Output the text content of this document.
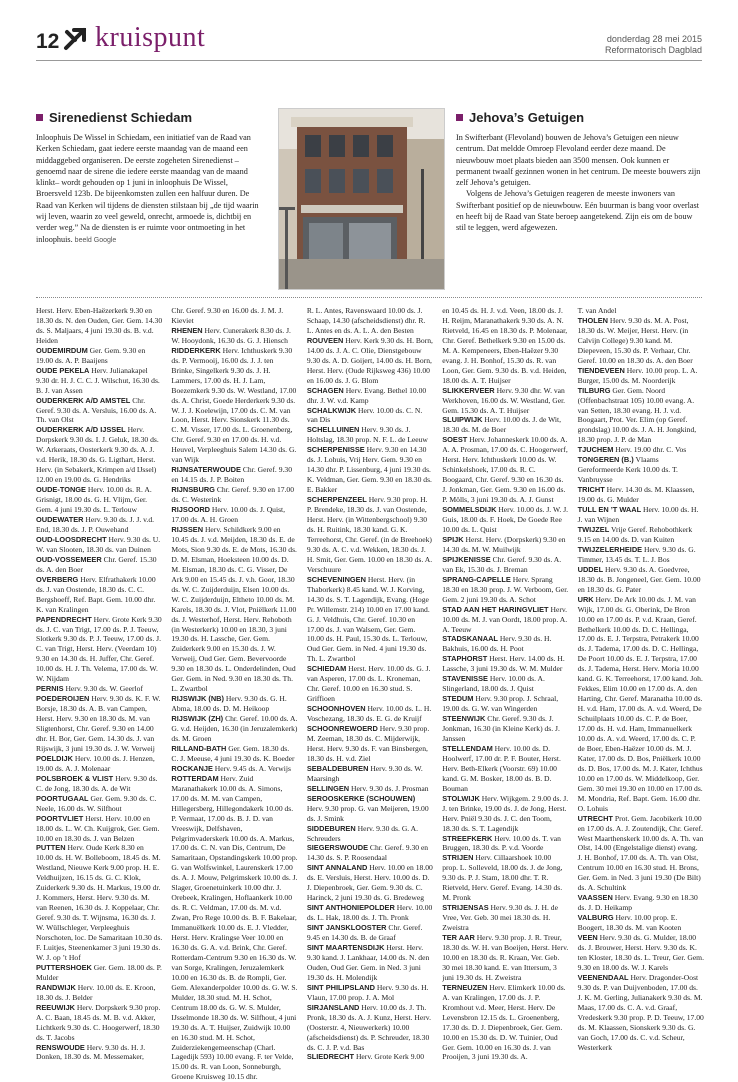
12 kruispunt	donderdag 28 mei 2015
Reformatorisch Dagblad
Sirenedienst Schiedam
Inloophuis De Wissel in Schiedam, een initiatief van de Raad van Kerken Schiedam, gaat iedere eerste maandag van de maand een middaggebed organiseren. De eerste zogeheten Sirenedienst –genoemd naar de sirene die iedere eerste maandag van de maand klinkt– wordt gehouden op 1 juni in inloophuis De Wissel, Broersveld 123b. De bijeenkomsten zullen een halfuur duren. De Raad van Kerken wil tijdens de diensten stilstaan bij „de tijd waarin wij leven, waarin zo veel geweld, onrecht, armoede is, dichtbij en verder weg.” Na de diensten is er ruimte voor ontmoeting in het inloophuis. beeld Google
Jehova’s Getuigen

In Swifterbant (Flevoland) bouwen de Jehova’s Getuigen een nieuw centrum. Dat meldde Omroep Flevoland eerder deze maand. De nieuwbouw moet plaats bieden aan 3500 mensen. Ook kunnen er permanent twaalf gezinnen wonen in het centrum. De meeste bouwers zijn zelf Jehova’s getuigen.

Volgens de Jehova’s Getuigen reageren de meeste inwoners van Swifterbant positief op de nieuwbouw. Eén buurman is bang voor overlast en heeft bij de Raad van State beroep aangetekend. Zijn eis om de bouw stil te leggen, werd afgewezen.

Herst. Herv. Eben-Haëzerkerk 9.30 en 18.30 ds. N. den Ouden, Ger. Gem. 14.30 ds. S. Maljaars, 4 juni 19.30 ds. B. v.d. Heiden

OUDEMIRDUM Ger. Gem. 9.30 en 19.00 ds. A. P. Baaijens

OUDE PEKELA Herv. Julianakapel 9.30 dr. H. J. C. C. J. Wilschut, 16.30 ds. B. J. van Assen

OUDERKERK A/D AMSTEL Chr. Geref. 9.30 ds. A. Versluis, 16.00 ds. A. Th. van Olst

OUDERKERK A/D IJSSEL Herv. Dorpskerk 9.30 ds. I. J. Geluk, 18.30 ds. W. Arkeraats, Oosterkerk 9.30 ds. A. J. v.d. Herik, 18.30 ds. G. Ligthart, Herst. Herv. (in Sebakerk, Krimpen a/d IJssel) 12.00 en 19.00 ds. G. Hendriks

OUDE-TONGE Herv. 10.00 ds. R. A. Grisnigt, 18.00 ds. G. H. Vlijm, Ger. Gem. 4 juni 19.30 ds. L. Terlouw

OUDEWATER Herv. 9.30 ds. J. J. v.d. End, 18.30 ds. J. P. Ouwehand

OUD-LOOSDRECHT Herv. 9.30 ds. U. W. van Slooten, 18.30 ds. van Duinen

OUD-VOSSEMEER Chr. Geref. 15.30 ds. A. den Boer

OVERBERG Herv. Elfrathakerk 10.00 ds. J. van Oostende, 18.30 ds. C. C. Bergshoeff, Ref. Bapt. Gem. 10.00 dhr. K. van Kralingen

PAPENDRECHT Herv. Grote Kerk 9.30 ds. J. C. van Trigt, 17.00 ds. P. J. Teeuw, Slotkerk 9.30 ds. P. J. Teeuw, 17.00 ds. J. C. van Trigt, Herst. Herv. (Veerdam 10) 9.30 en 14.30 ds. H. Juffer, Chr. Geref. 10.00 ds. H. J. Th. Velema, 17.00 ds. W. W. Nijdam

PERNIS Herv. 9.30 ds. W. Geerlof

POEDEROIJEN Herv. 9.30 ds. K. F. W. Borsje, 18.30 ds. A. B. van Campen, Herst. Herv. 9.30 en 18.30 ds. M. van Sligtenhorst, Chr. Geref. 9.30 en 14.00 dhr. H. Bor, Ger. Gem. 14.30 ds. J. van Rijswijk, 3 juni 19.30 ds. J. W. Verweij

POELDIJK Herv. 10.00 ds. J. Henzen, 19.00 ds. A. J. Molenaar

POLSBROEK & VLIST Herv. 9.30 ds. C. de Jong, 18.30 ds. A. de Wit

POORTUGAAL Ger. Gem. 9.30 ds. C. Neele, 16.00 ds. W. Silfhout

POORTVLIET Herst. Herv. 10.00 en 18.00 ds. L. W. Ch. Kuijgrok, Ger. Gem. 10.00 en 18.30 ds. J. van Belzen

PUTTEN Herv. Oude Kerk 8.30 en 10.00 ds. H. W. Bolleboom, 18.45 ds. M. Westland, Nieuwe Kerk 9.00 prop. H. E. Veldhuijzen, 16.15 ds. G. C. Klok, Zuiderkerk 9.30 ds. H. Markus, 19.00 dr. J. Kommers, Herst. Herv. 9.30 ds. M. van Reenen, 16.30 ds. J. Koppelaar, Chr. Geref. 9.30 ds. T. Wijnsma, 16.30 ds. J. W. Wüllschleger, Verpleeghuis Norschoten, loc. De Samaritaan 10.30 ds. F. Luitjes, Steenenkamer 3 juni 19.30 ds. W. J. op ’t Hof

PUTTERSHOEK Ger. Gem. 18.00 ds. P. Mulder

RANDWIJK Herv. 10.00 ds. E. Kroon, 18.30 ds. J. Belder

REEUWIJK Herv. Dorpskerk 9.30 prop. A. C. Baan, 18.45 ds. M. B. v.d. Akker, Lichtkerk 9.30 ds. C. Hoogerwerf, 18.30 ds. T. Jacobs

RENSWOUDE Herv. 9.30 ds. H. J. Donken, 18.30 ds. M. Messemaker,

Chr. Geref. 9.30 en 16.00 ds. J. M. J. Kieviet

RHENEN Herv. Cunerakerk 8.30 ds. J. W. Hooydonk, 16.30 ds. G. J. Hiensch

RIDDERKERK Herv. Ichthuskerk 9.30 ds. P. Vermooij, 16.00 ds. J. J. ten Brinke, Singelkerk 9.30 ds. J. H. Lammers, 17.00 ds. H. J. Lam, Boezemkerk 9.30 ds. W. Westland, 17.00 ds. A. Christ, Goede Herderkerk 9.30 ds. W. J. J. Koelewijn, 17.00 ds. C. M. van Loon, Herst. Herv. Sionskerk 11.30 ds. C. M. Visser, 17.00 ds. L. Groenenberg, Chr. Geref. 9.30 en 17.00 ds. H. v.d. Heuvel, Verpleeghuis Salem 14.30 ds. G. van Wijk

RIJNSATERWOUDE Chr. Geref. 9.30 en 14.15 ds. J. P. Boiten

RIJNSBURG Chr. Geref. 9.30 en 17.00 ds. C. Westerink

RIJSOORD Herv. 10.00 ds. J. Quist, 17.00 ds. A. H. Groen

RIJSSEN Herv. Schildkerk 9.00 en 10.45 ds. J. v.d. Meijden, 18.30 ds. E. de Mots, Sion 9.30 ds. E. de Mots, 16.30 ds. D. M. Elsman, Hoeksteen 10.00 ds. D. M. Elsman, 18.30 ds. C. G. Visser, De Ark 9.00 en 15.45 ds. J. v.h. Goor, 18.30 ds. W. C. Zuijderduijn, Elsen 10.00 ds. W. C. Zuijderduijn, Eltheto 10.00 ds. M. Karels, 18.30 ds. J. Vlot, Pniëlkerk 11.00 ds. J. Westerhof, Herst. Herv. Rehoboth (in Westerkerk) 10.00 en 18.30, 3 juni 19.30 ds. H. Lassche, Ger. Gem. Zuiderkerk 9.00 en 15.30 ds. J. W. Verweij, Oud Ger. Gem. Bevervoorde 9.30 en 18.30 ds. L. Onderdelinden, Oud Ger. Gem. in Ned. 9.30 en 18.30 ds. Th. L. Zwartbol

RIJSWIJK (NB) Herv. 9.30 ds. G. H. Abma, 18.00 ds. D. M. Heikoop

RIJSWIJK (ZH) Chr. Geref. 10.00 ds. A. G. v.d. Heijden, 16.30 (in Jeruzalemkerk) ds. M. Groen

RILLAND-BATH Ger. Gem. 18.30 ds. C. J. Meeuse, 4 juni 19.30 ds. K. Boeder

ROCKANJE Herv. 9.45 ds. A. Verwijs

ROTTERDAM Herv. Zuid Maranathakerk 10.00 ds. A. Simons, 17.00 ds. M. M. van Campen, Hillegersberg, Hillegondakerk 10.00 ds. P. Vermaat, 17.00 ds. B. J. D. van Vreeswijk, Delfshaven, Pelgrimvaderskerk 10.00 ds. A. Markus, 17.00 ds. C. N. van Dis, Centrum, De Samaritaan, Opstandingskerk 10.00 prop. G. van Wolfswinkel, Laurenskerk 17.00 ds. A. J. Mouw, Pelgrimskerk 10.00 ds. J. Slager, Groenetuinkerk 10.00 dhr. J. Orebeek, Kralingen, Hoflaankerk 10.00 ds. R. C. Veldman, 17.00 ds. M. v.d. Zwan, Pro Rege 10.00 ds. B. F. Bakelaar, Immanuëlkerk 10.00 ds. E. J. Vledder, Herst. Herv. Kralingse Veer 10.00 en 16.30 ds. G. A. v.d. Brink, Chr. Geref. Rotterdam-Centrum 9.30 en 16.30 ds. W. van Sorge, Kralingen, Jeruzalemkerk 10.00 en 16.30 ds. B. de Rompli, Ger. Gem. Alexanderpolder 10.00 ds. G. W. S. Mulder, 18.30 stud. M. H. Schot, Centrum 18.00 ds. G. W. S. Mulder, IJsselmonde 18.30 ds. W. Silfhout, 4 juni 19.30 ds. A. T. Huijser, Zuidwijk 10.00 en 16.30 stud. M. H. Schot, Zuiderziekengemeenschap (Charl. Lagedijk 593) 10.00 evang. F. ter Velde, 15.00 ds. R. van Loon, Sonneburgh, Groene Kruisweg 10.15 dhr.

R. L. Antes, Ravenswaard 10.00 ds. J. Schaap, 14.30 (afscheidsdienst) dhr. R. L. Antes en ds. A. L. A. den Besten

ROUVEEN Herv. Kerk 9.30 ds. H. Born, 14.00 ds. J. A. C. Olie, Dienstgebouw 9.30 ds. A. D. Goijert, 14.00 ds. H. Born, Herst. Herv. (Oude Rijksweg 436) 10.00 en 16.00 ds. J. G. Blom

SCHAGEN Herv. Evang. Bethel 10.00 dhr. J. W. v.d. Kamp

SCHALKWIJK Herv. 10.00 ds. C. N. van Dis

SCHELLUINEN Herv. 9.30 ds. J. Holtslag, 18.30 prop. N. F. L. de Leeuw

SCHERPENISSE Herv. 9.30 en 14.30 ds. J. Lohuis, Vrij Herv. Gem. 9.30 en 14.30 dhr. P. Lissenburg, 4 juni 19.30 ds. K. Veldman, Ger. Gem. 9.30 en 18.30 ds. E. Bakker

SCHERPENZEEL Herv. 9.30 prop. H. P. Brendeke, 18.30 ds. J. van Oostende, Herst. Herv. (in Wittenbergschool) 9.30 ds. H. Ruitink, 18.30 kand. G. K. Terreehorst, Chr. Geref. (in de Breehoek) 9.30 ds. A. C. v.d. Wekken, 18.30 ds. J. H. Smit, Ger. Gem. 10.00 en 18.30 ds. A. Verschuure

SCHEVENINGEN Herst. Herv. (in Thaborkerk) 8.45 kand. W. J. Korving, 14.30 ds. S. T. Lagendijk, Evang. (Hoge Pr. Willemstr. 214) 10.00 en 17.00 kand. G. J. Veldhuis, Chr. Geref. 10.30 en 17.00 ds. J. van Walsem, Ger. Gem. 10.00 ds. H. Paul, 15.30 ds. L. Terlouw, Oud Ger. Gem. in Ned. 4 juni 19.30 ds. Th. L. Zwartbol

SCHIEDAM Herst. Herv. 10.00 ds. G. J. van Asperen, 17.00 ds. L. Kroneman, Chr. Geref. 10.00 en 16.30 stud. S. Griffioen

SCHOONHOVEN Herv. 10.00 ds. L. H. Voschezang, 18.30 ds. E. G. de Kruijf

SCHOONREWOERD Herv. 9.30 prop. M. Zeeman, 18.30 ds. C. Mijderwijk, Herst. Herv. 9.30 ds. F. van Binsbergen, 18.30 ds. H. v.d. Ziel

SEBALDEBUREN Herv. 9.30 ds. W. Maarsingh

SELLINGEN Herv. 9.30 ds. J. Prosman

SEROOSKERKE (SCHOUWEN) Herv. 9.30 prop. G. van Meijeren, 19.00 ds. J. Smink

SIDDEBUREN Herv. 9.30 ds. G. A. Schreuders

SIEGERSWOUDE Chr. Geref. 9.30 en 14.30 ds. S. P. Roosendaal

SINT ANNALAND Herv. 10.00 en 18.00 ds. E. Versluis, Herst. Herv. 10.00 ds. D. J. Diepenbroek, Ger. Gem. 9.30 ds. C. Harinck, 2 juni 19.30 ds. G. Bredeweg

SINT ANTHONIEPOLDER Herv. 10.00 ds. L. Hak, 18.00 ds. J. Th. Pronk

SINT JANSKLOOSTER Chr. Geref. 9.45 en 14.30 ds. B. de Graaf

SINT MAARTENSDIJK Herst. Herv. 9.30 kand. J. Lankhaar, 14.00 ds. N. den Ouden, Oud Ger. Gem. in Ned. 3 juni 19.30 ds. H. Molendijk

SINT PHILIPSLAND Herv. 9.30 ds. H. Vlaun, 17.00 prop. J. A. Mol

SIRJANSLAND Herv. 10.00 ds. J. Th. Pronk, 18.30 ds. A. J. Kunz, Herst. Herv. (Oosterstr. 4, Nieuwerkerk) 10.00 (afscheidsdienst) ds. P. Schreuder, 18.30 ds. C. J. P. v.d. Bas

SLIEDRECHT Herv. Grote Kerk 9.00

en 10.45 ds. H. J. v.d. Veen, 18.00 ds. J. H. Reijm, Maranathakerk 9.30 ds. A. N. Rietveld, 16.45 en 18.30 ds. P. Molenaar, Chr. Geref. Bethelkerk 9.30 en 15.00 ds. M. A. Kempeneers, Eben-Haëzer 9.30 evang. J. H. Bonhof, 15.30 ds. R. van Loon, Ger. Gem. 9.30 ds. B. v.d. Heiden, 18.00 ds. A. T. Huijser

SLIKKERVEER Herv. 9.30 dhr. W. van Werkhoven, 16.00 ds. W. Westland, Ger. Gem. 15.30 ds. A. T. Huijser

SLUIPWIJK Herv. 10.00 ds. J. de Wit, 18.30 ds. M. de Boer

SOEST Herv. Johanneskerk 10.00 ds. A. A. A. Prosman, 17.00 ds. C. Hoogerwerf, Herst. Herv. Ichthuskerk 10.00 ds. W. Schinkelshoek, 17.00 ds. R. C. Boogaard, Chr. Geref. 9.30 en 16.30 ds. J. Jonkman, Ger. Gem. 9.30 en 16.00 ds. P. Mölls, 3 juni 19.30 ds. A. J. Gunst

SOMMELSDIJK Herv. 10.00 ds. J. W. J. Guis, 18.00 ds. F. Hoek, De Goede Ree 10.00 ds. L. Quist

SPIJK Herst. Herv. (Dorpskerk) 9.30 en 14.30 ds. M. W. Muilwijk

SPIJKENISSE Chr. Geref. 9.30 ds. A. van Ek, 15.30 ds. J. Breman

SPRANG-CAPELLE Herv. Sprang 18.30 en 18.30 prop. J. W. Verboom, Ger. Gem. 2 juni 19.30 ds. A. Schot

STAD AAN HET HARINGVLIET Herv. 10.00 ds. M. J. van Oordt, 18.00 prop. A. A. Teeuw

STADSKANAAL Herv. 9.30 ds. H. Bakhuis, 16.00 ds. H. Poot

STAPHORST Herst. Herv. 14.00 ds. H. Lassche, 3 juni 19.30 ds. W. M. Mulder

STAVENISSE Herv. 10.00 ds. A. Slingerland, 18.00 ds. J. Quist

STEDUM Herv. 9.30 prop. J. Schraal, 19.00 ds. G. W. van Wingerden

STEENWIJK Chr. Geref. 9.30 ds. J. Jonkman, 16.30 (in Kleine Kerk) ds. J. Janssen

STELLENDAM Herv. 10.00 ds. D. Hoolwerf, 17.00 dr. P. F. Bouter, Herst. Herv. Beth-Elkerk (Voorstr. 69) 10.00 kand. G. M. Bosker, 18.00 ds. B. D. Bouman

STOLWIJK Herv. Wijkgem. 2 9.00 ds. J. J. ten Brinke, 19.00 ds. J. de Jong, Herst. Herv. Pniël 9.30 ds. J. C. den Toom, 18.30 ds. S. T. Lagendijk

STREEFKERK Herv. 10.00 ds. T. van Bruggen, 18.30 ds. P. v.d. Voorde

STRIJEN Herv. Cillaarshoek 10.00 prop. L. Solleveld, 18.00 ds. J. de Jong, 9.30 ds. P. J. Stam, 18.00 dhr. T. R. Rietveld, Herv. Geref. Evang. 14.30 ds. M. Pronk

STRIJENSAS Herv. 9.30 ds. J. H. de Vree, Ver. Geb. 30 mei 18.30 ds. H. Zweistra

TER AAR Herv. 9.30 prop. J. R. Treur, 18.30 ds. W. H. van Boeijen, Herst. Herv. 10.00 en 18.30 ds. R. Kraan, Ver. Geb. 30 mei 18.30 kand. E. van Ittersum, 3 juni 19.30 ds. H. Zweistra

TERNEUZEN Herv. Elimkerk 10.00 ds. A. van Kralingen, 17.00 ds. J. P. Kromhout v.d. Meer, Herst. Herv. De Levensbron 12.15 ds. L. Groenenberg, 17.30 ds. D. J. Diepenbroek, Ger. Gem. 10.00 en 15.30 ds. D. W. Tuinier, Oud Ger. Gem. 10.00 en 16.30 ds. J. van Prooijen, 3 juni 19.30 ds. A.

T. van Andel

THOLEN Herv. 9.30 ds. M. A. Post, 18.30 ds. W. Meijer, Herst. Herv. (in Calvijn College) 9.30 kand. M. Diepeveen, 15.30 ds. P. Verhaar, Chr. Geref. 10.00 en 18.30 ds. A. den Boer

TIENDEVEEN Herv. 10.00 prop. L. A. Burger, 15.00 ds. M. Noorderijk

TILBURG Ger. Gem. Noord (Offenbachstraat 105) 10.00 evang. A. van Setten, 18.30 evang. H. J. v.d. Boogaart, Prot. Ver. Elim (op Geref. grondslag) 10.00 ds. J. A. H. Jongkind, 18.30 prop. J. P. de Man

TJUCHEM Herv. 19.00 dhr. C. Vos

TONGEREN (B.) Vlaams Gereformeerde Kerk 10.00 ds. T. Vanbruysse

TRICHT Herv. 14.30 ds. M. Klaassen, 19.00 ds. G. Mulder

TULL EN ’T WAAL Herv. 10.00 ds. H. J. van Wijnen

TWIJZEL Vrije Geref. Rehobothkerk 9.15 en 14.00 ds. D. van Kuiten

TWIJZELERHEIDE Herv. 9.30 ds. G. Timmer, 13.45 ds. T. L. J. Bos

UDDEL Herv. 9.30 ds. A. Goedvree, 18.30 ds. B. Jongeneel, Ger. Gem. 10.00 en 18.30 ds. G. Pater

URK Herv. De Ark 10.00 ds. J. M. van Wijk, 17.00 ds. G. Oberink, De Bron 10.00 en 17.00 ds. P. v.d. Kraan, Geref. Bethelkerk 10.00 ds. D. C. Hellinga, 17.00 ds. E. J. Terpstra, Petrakerk 10.00 ds. J. Tadema, 17.00 ds. D. C. Hellinga, De Poort 10.00 ds. E. J. Terpstra, 17.00 ds. J. Tadema, Herst. Herv. Moria 10.00 kand. G. K. Terreehorst, 17.00 kand. Joh. Fekkes, Elim 10.00 en 17.00 ds. A. den Harting, Chr. Geref. Maranatha 10.00 ds. H. v.d. Ham, 17.00 ds. A. v.d. Weerd, De Schuilplaats 10.00 ds. C. P. de Boer, 17.00 ds. H. v.d. Ham, Immanuelkerk 10.00 ds. A. v.d. Weerd, 17.00 ds. C. P. de Boer, Eben-Haëzer 10.00 ds. M. J. Kater, 17.00 ds. D. Bos, Pniëlkerk 10.00 ds. D. Bos, 17.00 ds. M. J. Kater, Ichthus 10.00 en 17.00 ds. W. Middelkoop, Ger. Gem. 30 mei 19.30 en 10.00 en 17.00 ds. M. Mondria, Ref. Bapt. Gem. 16.00 dhr. O. Lohuis

UTRECHT Prot. Gem. Jacobikerk 10.00 en 17.00 ds. A. J. Zoutendijk, Chr. Geref. West Maarthenskerk 10.00 ds. A. Th. van Olst, 14.00 (Engelstalige dienst) evang. J. H. Bonhof, 17.00 ds. A. Th. van Olst, Centrum 10.00 en 16.30 stud. H. Brons, Ger. Gem. in Ned. 3 juni 19.30 (De Bilt) ds. A. Schultink

VAASSEN Herv. Evang. 9.30 en 18.30 ds. J. D. Heikamp

VALBURG Herv. 10.00 prop. E. Boogert, 18.30 ds. M. van Kooten

VEEN Herv. 9.30 ds. G. Mulder, 18.00 ds. J. Brouwer, Herst. Herv. 9.30 ds. K. ten Kloster, 18.30 ds. L. Treur, Ger. Gem. 9.30 en 18.00 ds. W. J. Karels

VEENENDAAL Herv. Dragonder-Oost 9.30 ds. P. van Duijvenboden, 17.00 ds. J. K. M. Gerling, Julianakerk 9.30 ds. M. Maas, 17.00 ds. C. A. v.d. Graaf, Vredeskerk 9.30 prop. P. D. Teeuw, 17.00 ds. M. Klaassen, Sionskerk 9.30 ds. G. van Goch, 17.00 ds. C. v.d. Scheur, Westerkerk
